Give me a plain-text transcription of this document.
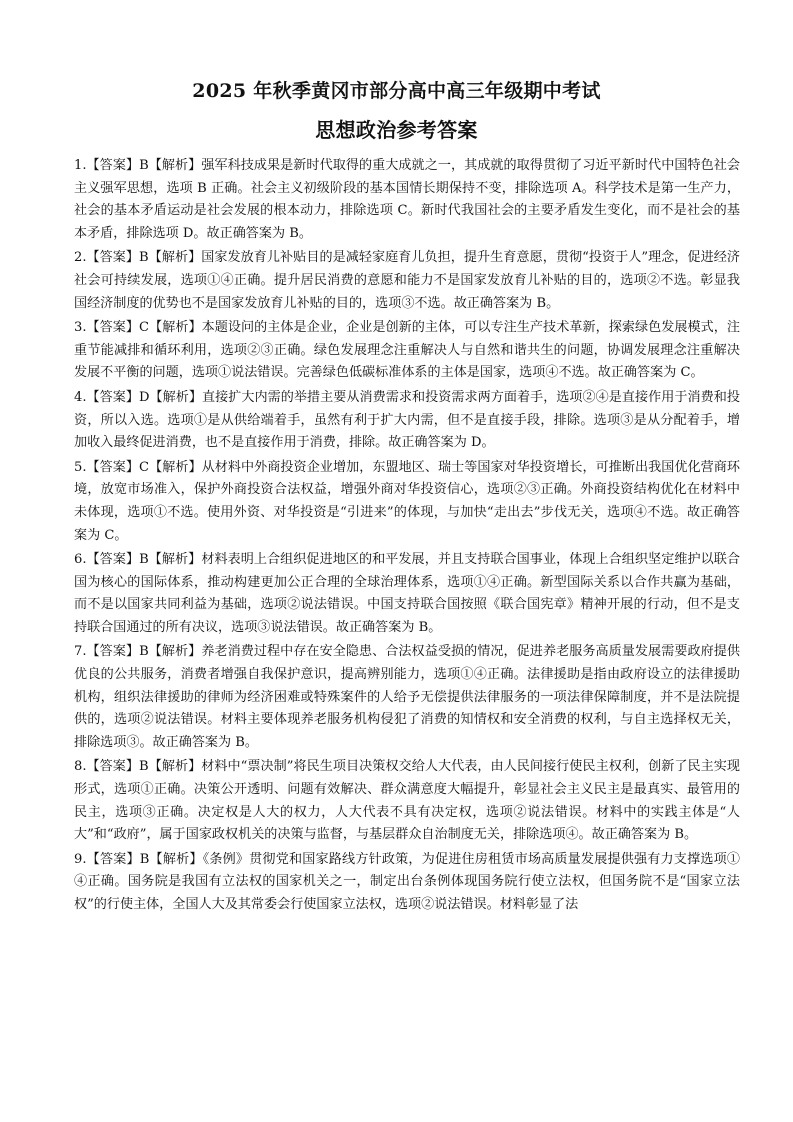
2025 年秋季黄冈市部分高中高三年级期中考试
思想政治参考答案

1.【答案】B【解析】强军科技成果是新时代取得的重大成就之一，其成就的取得贯彻了习近平新时代中国特色社会主义强军思想，选项 B 正确。社会主义初级阶段的基本国情长期保持不变，排除选项 A。科学技术是第一生产力，社会的基本矛盾运动是社会发展的根本动力，排除选项 C。新时代我国社会的主要矛盾发生变化，而不是社会的基本矛盾，排除选项 D。故正确答案为 B。

2.【答案】B【解析】国家发放育儿补贴目的是减轻家庭育儿负担，提升生育意愿，贯彻“投资于人”理念，促进经济社会可持续发展，选项①④正确。提升居民消费的意愿和能力不是国家发放育儿补贴的目的，选项②不选。彰显我国经济制度的优势也不是国家发放育儿补贴的目的，选项③不选。故正确答案为 B。

3.【答案】C【解析】本题设问的主体是企业，企业是创新的主体，可以专注生产技术革新，探索绿色发展模式，注重节能减排和循环利用，选项②③正确。绿色发展理念注重解决人与自然和谐共生的问题，协调发展理念注重解决发展不平衡的问题，选项①说法错误。完善绿色低碳标准体系的主体是国家，选项④不选。故正确答案为 C。

4.【答案】D【解析】直接扩大内需的举措主要从消费需求和投资需求两方面着手，选项②④是直接作用于消费和投资，所以入选。选项①是从供给端着手，虽然有利于扩大内需，但不是直接手段，排除。选项③是从分配着手，增加收入最终促进消费，也不是直接作用于消费，排除。故正确答案为 D。

5.【答案】C【解析】从材料中外商投资企业增加，东盟地区、瑞士等国家对华投资增长，可推断出我国优化营商环境，放宽市场准入，保护外商投资合法权益，增强外商对华投资信心，选项②③正确。外商投资结构优化在材料中未体现，选项①不选。使用外资、对华投资是“引进来”的体现，与加快“走出去”步伐无关，选项④不选。故正确答案为 C。

6.【答案】B【解析】材料表明上合组织促进地区的和平发展，并且支持联合国事业，体现上合组织坚定维护以联合国为核心的国际体系，推动构建更加公正合理的全球治理体系，选项①④正确。新型国际关系以合作共赢为基础，而不是以国家共同利益为基础，选项②说法错误。中国支持联合国按照《联合国宪章》精神开展的行动，但不是支持联合国通过的所有决议，选项③说法错误。故正确答案为 B。

7.【答案】B【解析】养老消费过程中存在安全隐患、合法权益受损的情况，促进养老服务高质量发展需要政府提供优良的公共服务，消费者增强自我保护意识，提高辨别能力，选项①④正确。法律援助是指由政府设立的法律援助机构，组织法律援助的律师为经济困难或特殊案件的人给予无偿提供法律服务的一项法律保障制度，并不是法院提供的，选项②说法错误。材料主要体现养老服务机构侵犯了消费的知情权和安全消费的权利，与自主选择权无关，排除选项③。故正确答案为 B。

8.【答案】B【解析】材料中“票决制”将民生项目决策权交给人大代表，由人民间接行使民主权利，创新了民主实现形式，选项①正确。决策公开透明、问题有效解决、群众满意度大幅提升，彰显社会主义民主是最真实、最管用的民主，选项③正确。决定权是人大的权力，人大代表不具有决定权，选项②说法错误。材料中的实践主体是“人大”和“政府”，属于国家政权机关的决策与监督，与基层群众自治制度无关，排除选项④。故正确答案为 B。

9.【答案】B【解析】《条例》贯彻党和国家路线方针政策，为促进住房租赁市场高质量发展提供强有力支撑选项①④正确。国务院是我国有立法权的国家机关之一，制定出台条例体现国务院行使立法权，但国务院不是“国家立法权”的行使主体，全国人大及其常委会行使国家立法权，选项②说法错误。材料彰显了法
